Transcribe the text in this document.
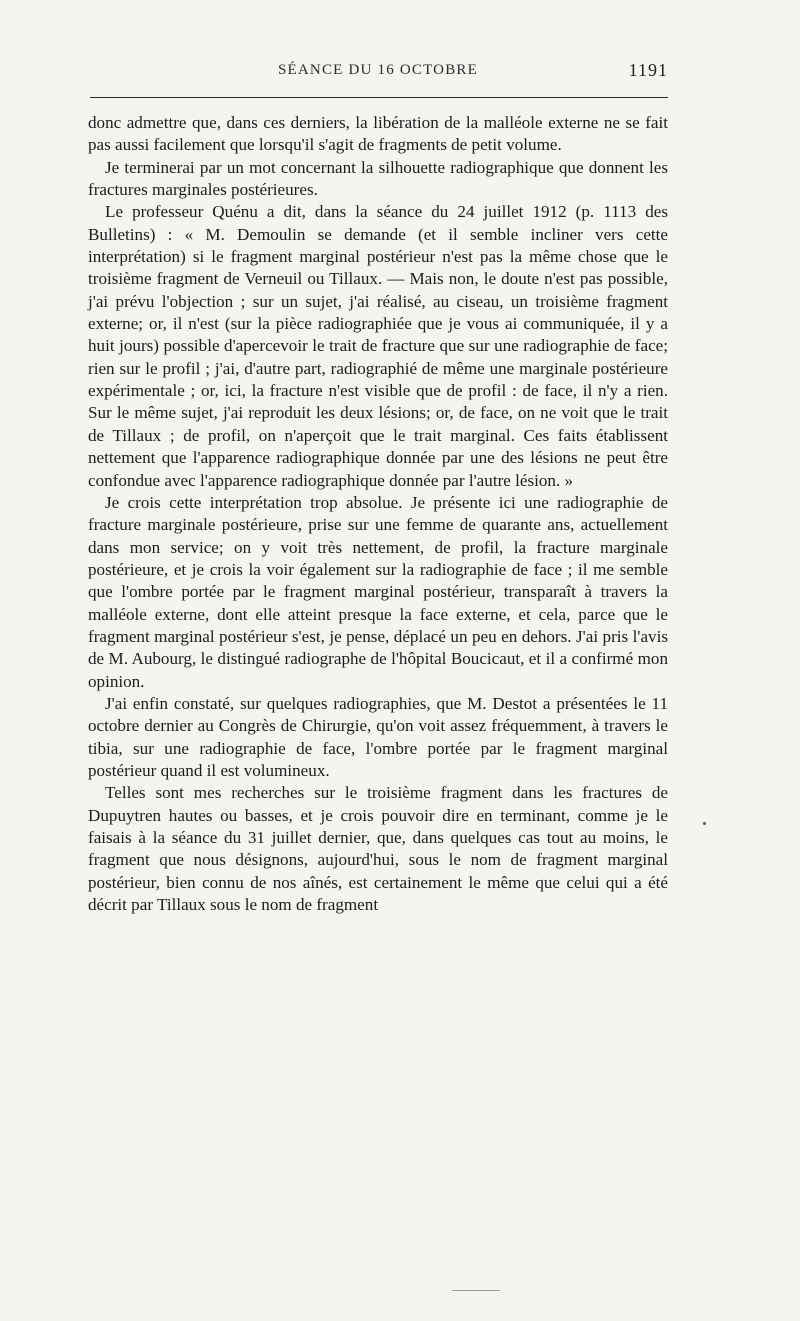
SÉANCE DU 16 OCTOBRE	1191

donc admettre que, dans ces derniers, la libération de la malléole externe ne se fait pas aussi facilement que lorsqu'il s'agit de fragments de petit volume.

Je terminerai par un mot concernant la silhouette radiographique que donnent les fractures marginales postérieures.

Le professeur Quénu a dit, dans la séance du 24 juillet 1912 (p. 1113 des Bulletins) : « M. Demoulin se demande (et il semble incliner vers cette interprétation) si le fragment marginal postérieur n'est pas la même chose que le troisième fragment de Verneuil ou Tillaux. — Mais non, le doute n'est pas possible, j'ai prévu l'objection ; sur un sujet, j'ai réalisé, au ciseau, un troisième fragment externe; or, il n'est (sur la pièce radiographiée que je vous ai communiquée, il y a huit jours) possible d'apercevoir le trait de fracture que sur une radiographie de face; rien sur le profil ; j'ai, d'autre part, radiographié de même une marginale postérieure expérimentale ; or, ici, la fracture n'est visible que de profil : de face, il n'y a rien. Sur le même sujet, j'ai reproduit les deux lésions; or, de face, on ne voit que le trait de Tillaux ; de profil, on n'aperçoit que le trait marginal. Ces faits établissent nettement que l'apparence radiographique donnée par une des lésions ne peut être confondue avec l'apparence radiographique donnée par l'autre lésion. »

Je crois cette interprétation trop absolue. Je présente ici une radiographie de fracture marginale postérieure, prise sur une femme de quarante ans, actuellement dans mon service; on y voit très nettement, de profil, la fracture marginale postérieure, et je crois la voir également sur la radiographie de face ; il me semble que l'ombre portée par le fragment marginal postérieur, transparaît à travers la malléole externe, dont elle atteint presque la face externe, et cela, parce que le fragment marginal postérieur s'est, je pense, déplacé un peu en dehors. J'ai pris l'avis de M. Aubourg, le distingué radiographe de l'hôpital Boucicaut, et il a confirmé mon opinion.

J'ai enfin constaté, sur quelques radiographies, que M. Destot a présentées le 11 octobre dernier au Congrès de Chirurgie, qu'on voit assez fréquemment, à travers le tibia, sur une radiographie de face, l'ombre portée par le fragment marginal postérieur quand il est volumineux.

Telles sont mes recherches sur le troisième fragment dans les fractures de Dupuytren hautes ou basses, et je crois pouvoir dire en terminant, comme je le faisais à la séance du 31 juillet dernier, que, dans quelques cas tout au moins, le fragment que nous désignons, aujourd'hui, sous le nom de fragment marginal postérieur, bien connu de nos aînés, est certainement le même que celui qui a été décrit par Tillaux sous le nom de fragment
